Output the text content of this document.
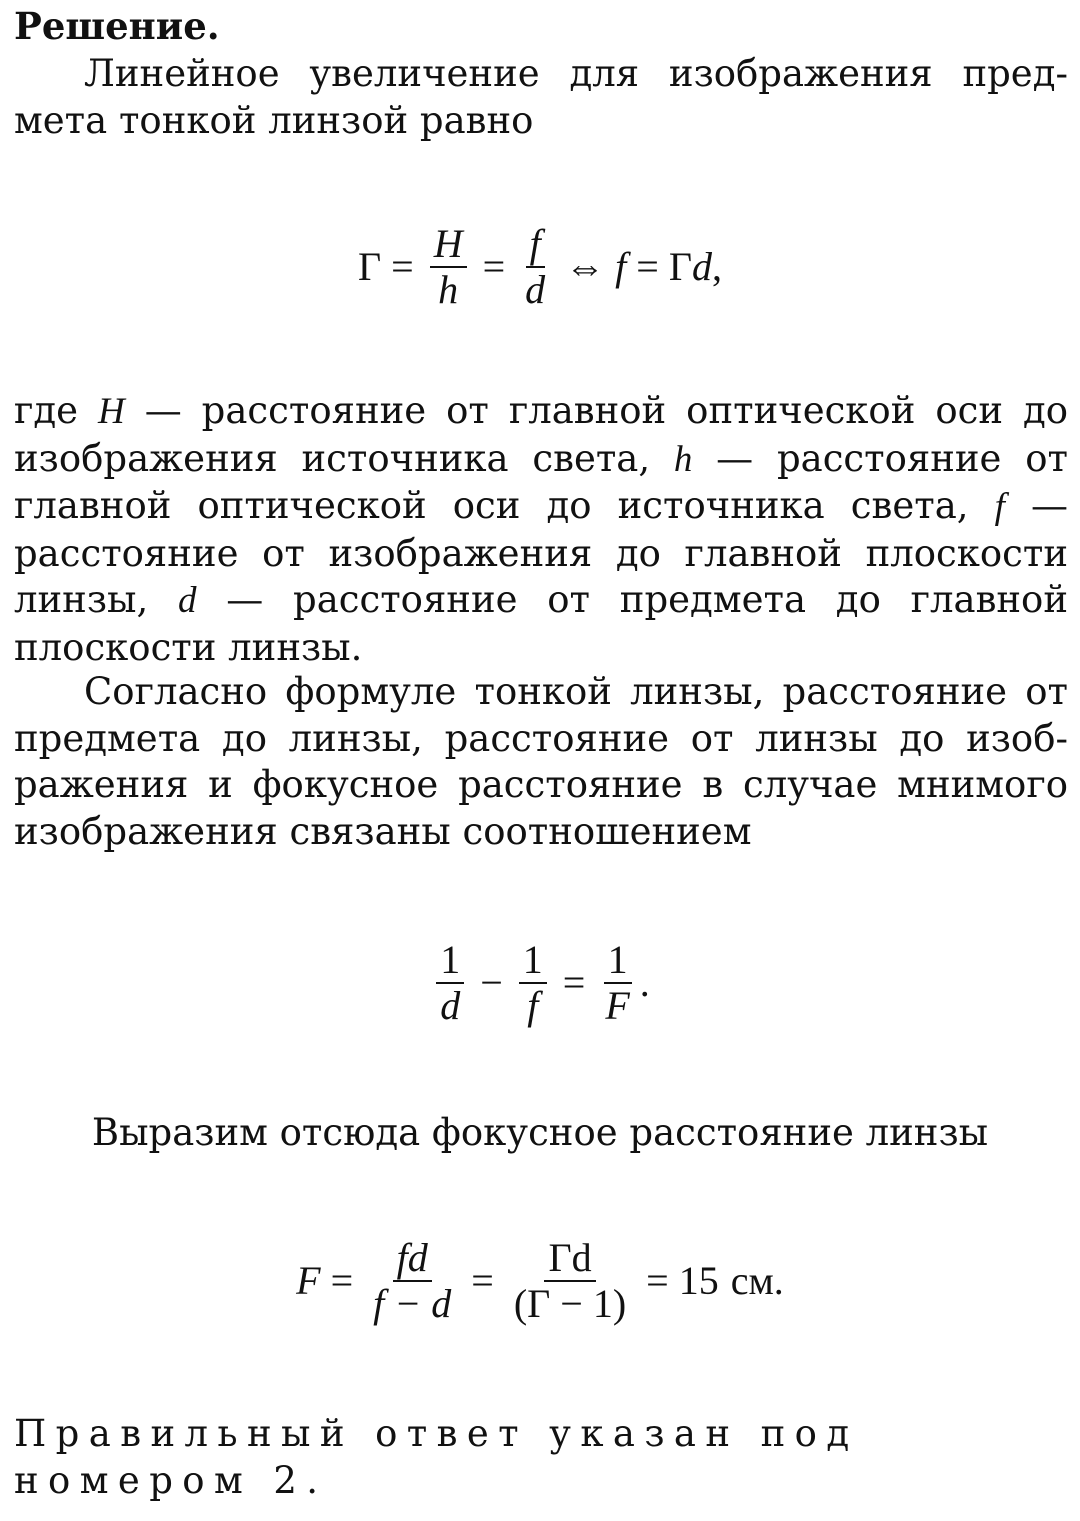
Решение.

Линейное увеличение для изображения пред-мета тонкой линзой равно

$\Gamma = \frac{H}{h} = \frac{f}{d}$ ⇔ f = Γ d ,

где H — расстояние от главной оптической оси до изображения источника света, h — расстояние от главной оптической оси до источника света, f — расстояние от изображения до главной плоскости линзы, d — расстояние от предмета до главной плоскости линзы.

Согласно формуле тонкой линзы, расстояние от предмета до линзы, расстояние от линзы до изоб-ражения и фокусное расстояние в случае мнимого изображения связаны соотношением

$\frac{1}{d} - \frac{1}{f} = \frac{1}{F}$ .

Выразим отсюда фокусное расстояние линзы

$F = \frac{fd}{f - d} = \frac{\Gamma d}{(\Gamma - 1)} = 15$ см.

Правильный ответ указан под номером 2.
